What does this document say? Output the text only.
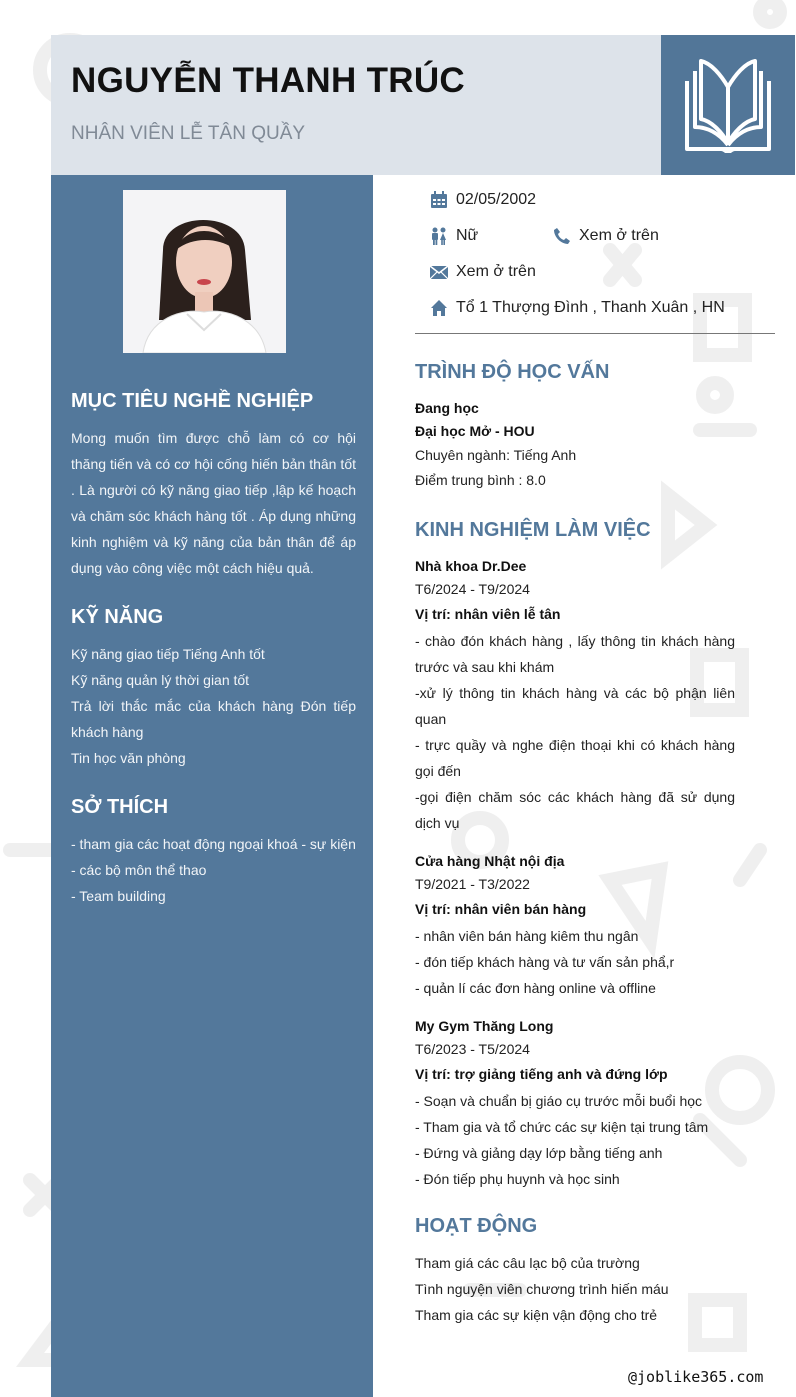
NGUYỄN THANH TRÚC

NHÂN VIÊN LỄ TÂN QUẦY

MỤC TIÊU NGHỀ NGHIỆP

Mong muốn tìm được chỗ làm có cơ hội thăng tiến và có cơ hội cống hiến bản thân tốt . Là người có kỹ năng giao tiếp ,lập kế hoạch và chăm sóc khách hàng tốt . Áp dụng những kinh nghiệm và kỹ năng của bản thân để áp dụng vào công việc một cách hiệu quả.

KỸ NĂNG
Kỹ năng giao tiếp Tiếng Anh tốt
Kỹ năng quản lý thời gian tốt
Trả lời thắc mắc của khách hàng Đón tiếp khách hàng
Tin học văn phòng
SỞ THÍCH
- tham gia các hoạt động ngoại khoá - sự kiện
- các bộ môn thể thao
- Team building
02/05/2002
Nữ	Xem ở trên
Xem ở trên
Tổ 1 Thượng Đình , Thanh Xuân , HN
TRÌNH ĐỘ HỌC VẤN
Đang học
Đại học Mở - HOU
Chuyên ngành: Tiếng Anh
Điểm trung bình : 8.0
KINH NGHIỆM LÀM VIỆC
Nhà khoa Dr.Dee
T6/2024 - T9/2024
Vị trí: nhân viên lễ tân
- chào đón khách hàng , lấy thông tin khách hàng trước và sau khi khám
-xử lý thông tin khách hàng và các bộ phận liên quan
- trực quầy và nghe điện thoại khi có khách hàng gọi đến
-gọi điện chăm sóc các khách hàng đã sử dụng dịch vụ
Cửa hàng Nhật nội địa
T9/2021 - T3/2022
Vị trí: nhân viên bán hàng
- nhân viên bán hàng kiêm thu ngân
- đón tiếp khách hàng và tư vấn sản phẩ,r
- quản lí các đơn hàng online và offline
My Gym Thăng Long
T6/2023 - T5/2024
Vị trí: trợ giảng tiếng anh và đứng lớp
- Soạn và chuẩn bị giáo cụ trước mỗi buổi học
- Tham gia và tổ chức các sự kiện tại trung tâm
- Đứng và giảng dạy lớp bằng tiếng anh
- Đón tiếp phụ huynh và học sinh
HOẠT ĐỘNG
Tham giá các câu lạc bộ của trường
Tình nguyện viên chương trình hiến máu
Tham gia các sự kiện vận động cho trẻ
@joblike365.com
